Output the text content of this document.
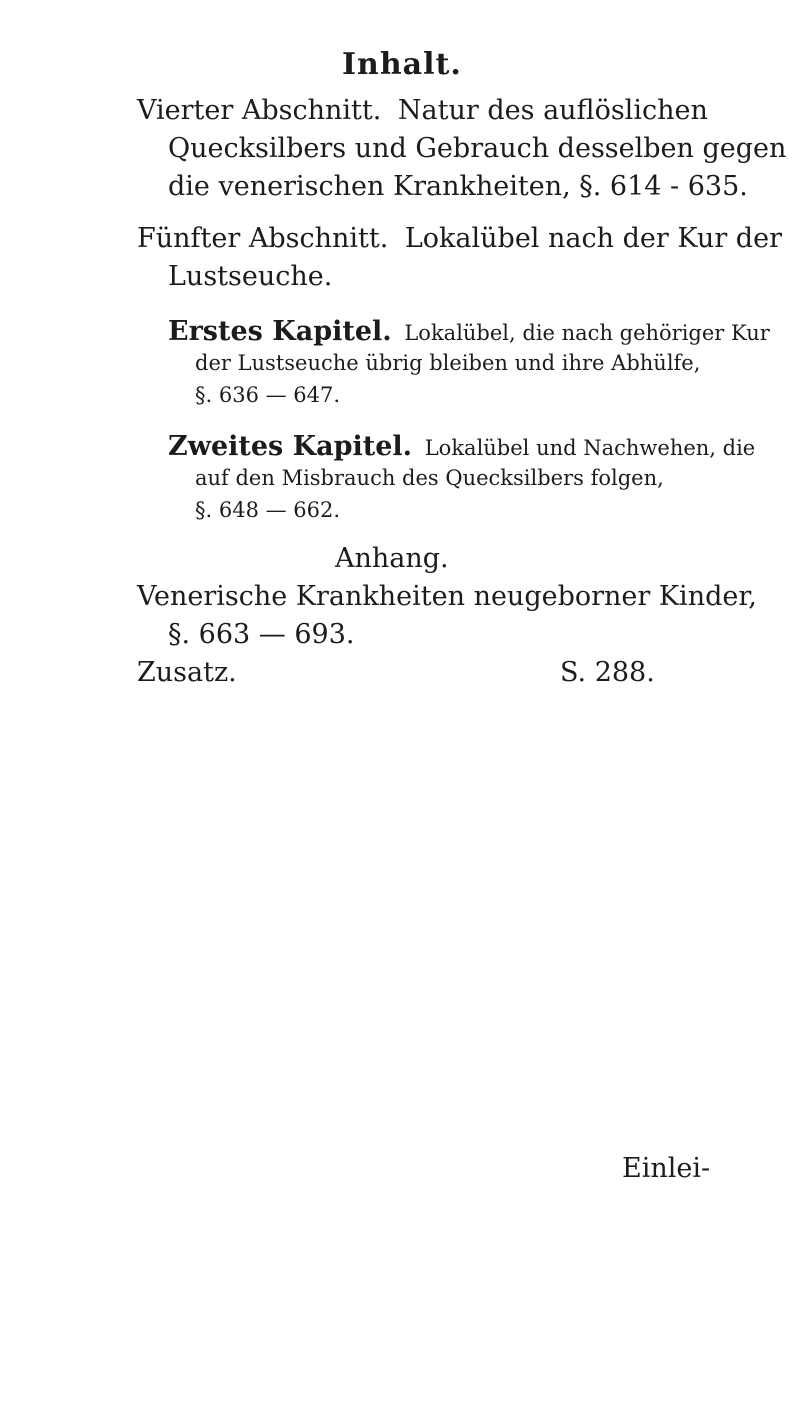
Inhalt.
Vierter Abschnitt. Natur des auflöslichen
Quecksilbers und Gebrauch desselben gegen
die venerischen Krankheiten, §. 614 - 635.
Fünfter Abschnitt. Lokalübel nach der Kur der
Lustseuche.
Erstes Kapitel. Lokalübel, die nach gehöriger Kur
der Lustseuche übrig bleiben und ihre Abhülfe,
§. 636 — 647.
Zweites Kapitel. Lokalübel und Nachwehen, die
auf den Misbrauch des Quecksilbers folgen,
§. 648 — 662.
Anhang.
Venerische Krankheiten neugeborner Kinder,
§. 663 — 693.
Zusatz.	S. 288.
Einlei-
